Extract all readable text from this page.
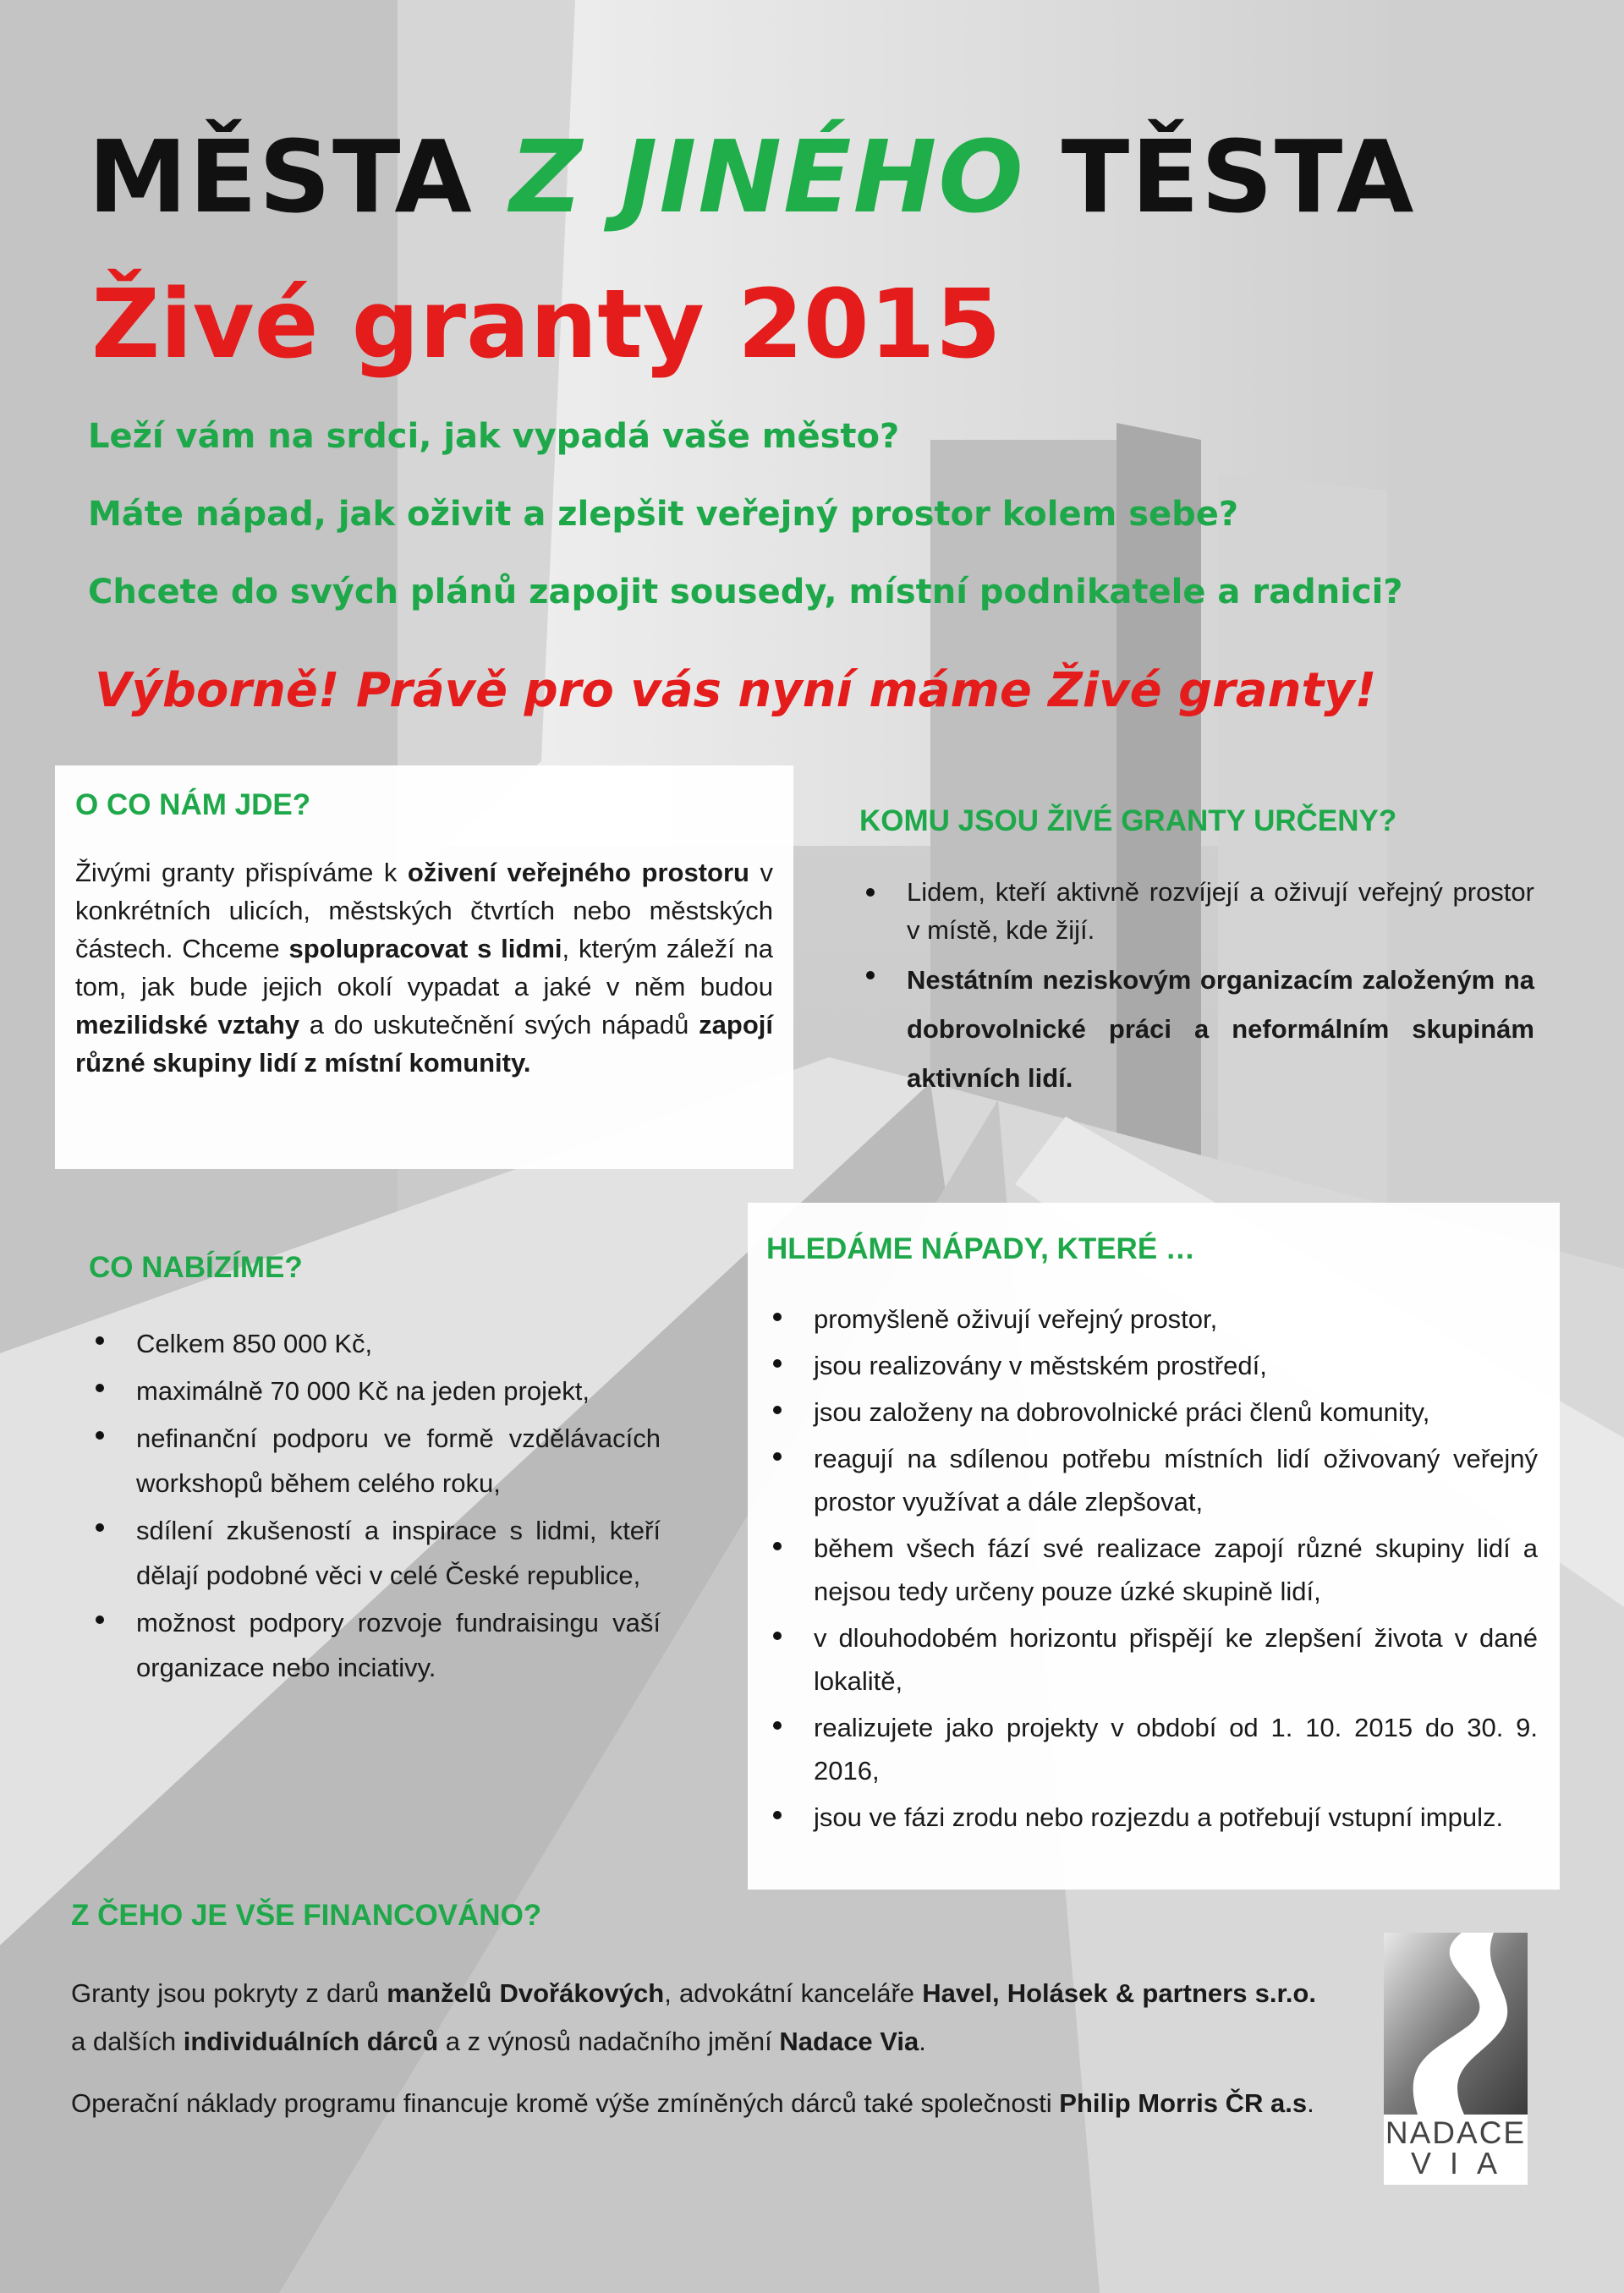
MĚSTA Z JINÉHO TĚSTA
Živé granty 2015

Leží vám na srdci, jak vypadá vaše město?

Máte nápad, jak oživit a zlepšit veřejný prostor kolem sebe?

Chcete do svých plánů zapojit sousedy, místní podnikatele a radnici?

Výborně! Právě pro vás nyní máme Živé granty!

O CO NÁM JDE?

Živými granty přispíváme k oživení veřejného prostoru v konkrétních ulicích, městských čtvrtích nebo městských částech. Chceme spolupracovat s lidmi, kterým záleží na tom, jak bude jejich okolí vypadat a jaké v něm budou mezilidské vztahy a do uskutečnění svých nápadů zapojí různé skupiny lidí z místní komunity.

KOMU JSOU ŽIVÉ GRANTY URČENY?
Lidem, kteří aktivně rozvíjejí a oživují veřejný prostor v místě, kde žijí.
Nestátním neziskovým organizacím založeným na dobrovolnické práci a neformálním skupinám aktivních lidí.
CO NABÍZÍME?
Celkem 850 000 Kč,
maximálně 70 000 Kč na jeden projekt,
nefinanční podporu ve formě vzdělávacích workshopů během celého roku,
sdílení zkušeností a inspirace s lidmi, kteří dělají podobné věci v celé České republice,
možnost podpory rozvoje fundraisingu vaší organizace nebo inciativy.
HLEDÁME NÁPADY, KTERÉ …
promyšleně oživují veřejný prostor,
jsou realizovány v městském prostředí,
jsou založeny na dobrovolnické práci členů komunity,
reagují na sdílenou potřebu místních lidí oživovaný veřejný prostor využívat a dále zlepšovat,
během všech fází své realizace zapojí různé skupiny lidí a nejsou tedy určeny pouze úzké skupině lidí,
v dlouhodobém horizontu přispějí ke zlepšení života v dané lokalitě,
realizujete jako projekty v období od 1. 10. 2015 do 30. 9. 2016,
jsou ve fázi zrodu nebo rozjezdu a potřebují vstupní impulz.
Z ČEHO JE VŠE FINANCOVÁNO?

Granty jsou pokryty z darů manželů Dvořákových, advokátní kanceláře Havel, Holásek & partners s.r.o. a dalších individuálních dárců a z výnosů nadačního jmění Nadace Via.

Operační náklady programu financuje kromě výše zmíněných dárců také společnosti Philip Morris ČR a.s.

NADACE
VIA
